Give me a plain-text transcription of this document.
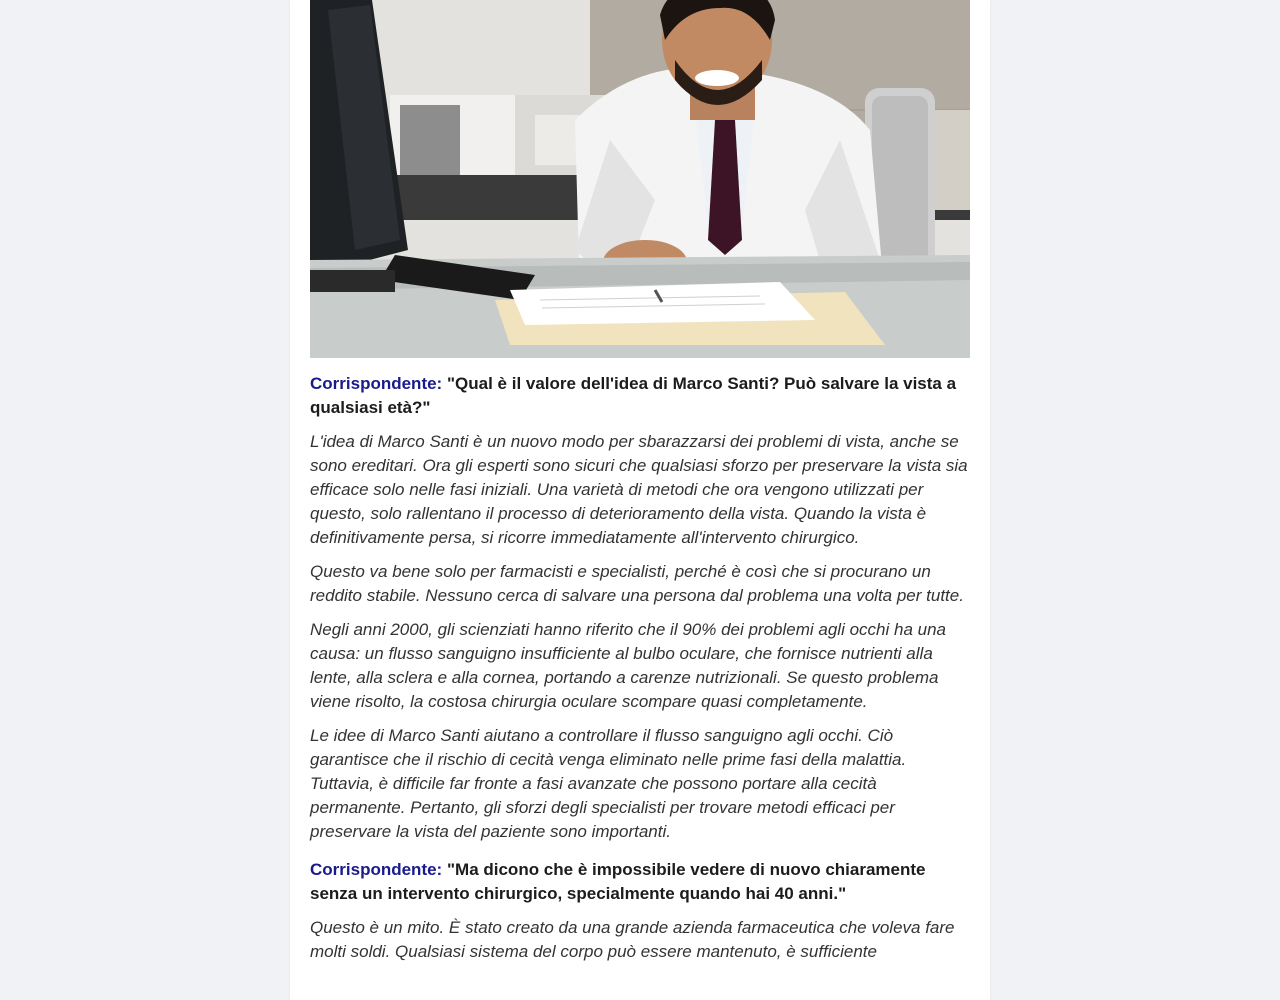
Corrispondente: "Qual è il valore dell'idea di Marco Santi? Può salvare la vista a qualsiasi età?"

L'idea di Marco Santi è un nuovo modo per sbarazzarsi dei problemi di vista, anche se sono ereditari. Ora gli esperti sono sicuri che qualsiasi sforzo per preservare la vista sia efficace solo nelle fasi iniziali. Una varietà di metodi che ora vengono utilizzati per questo, solo rallentano il processo di deterioramento della vista. Quando la vista è definitivamente persa, si ricorre immediatamente all'intervento chirurgico.

Questo va bene solo per farmacisti e specialisti, perché è così che si procurano un reddito stabile. Nessuno cerca di salvare una persona dal problema una volta per tutte.

Negli anni 2000, gli scienziati hanno riferito che il 90% dei problemi agli occhi ha una causa: un flusso sanguigno insufficiente al bulbo oculare, che fornisce nutrienti alla lente, alla sclera e alla cornea, portando a carenze nutrizionali. Se questo problema viene risolto, la costosa chirurgia oculare scompare quasi completamente.

Le idee di Marco Santi aiutano a controllare il flusso sanguigno agli occhi. Ciò garantisce che il rischio di cecità venga eliminato nelle prime fasi della malattia. Tuttavia, è difficile far fronte a fasi avanzate che possono portare alla cecità permanente. Pertanto, gli sforzi degli specialisti per trovare metodi efficaci per preservare la vista del paziente sono importanti.

Corrispondente: "Ma dicono che è impossibile vedere di nuovo chiaramente senza un intervento chirurgico, specialmente quando hai 40 anni."

Questo è un mito. È stato creato da una grande azienda farmaceutica che voleva fare molti soldi. Qualsiasi sistema del corpo può essere mantenuto, è sufficiente
